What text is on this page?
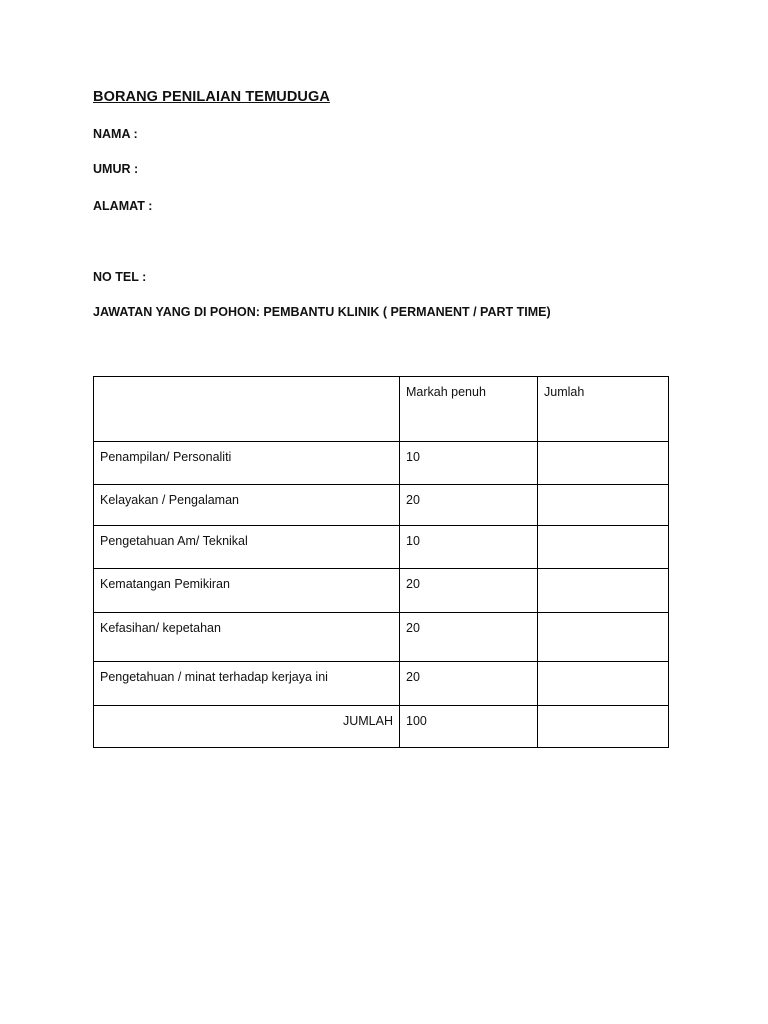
BORANG PENILAIAN TEMUDUGA
NAMA :
UMUR :
ALAMAT :
NO TEL :
JAWATAN YANG DI POHON: PEMBANTU KLINIK ( PERMANENT / PART TIME)
	Markah penuh	Jumlah
Penampilan/ Personaliti	10	
Kelayakan / Pengalaman	20	
Pengetahuan Am/ Teknikal	10	
Kematangan Pemikiran	20	
Kefasihan/ kepetahan	20	
Pengetahuan / minat terhadap kerjaya ini	20	
JUMLAH	100	
